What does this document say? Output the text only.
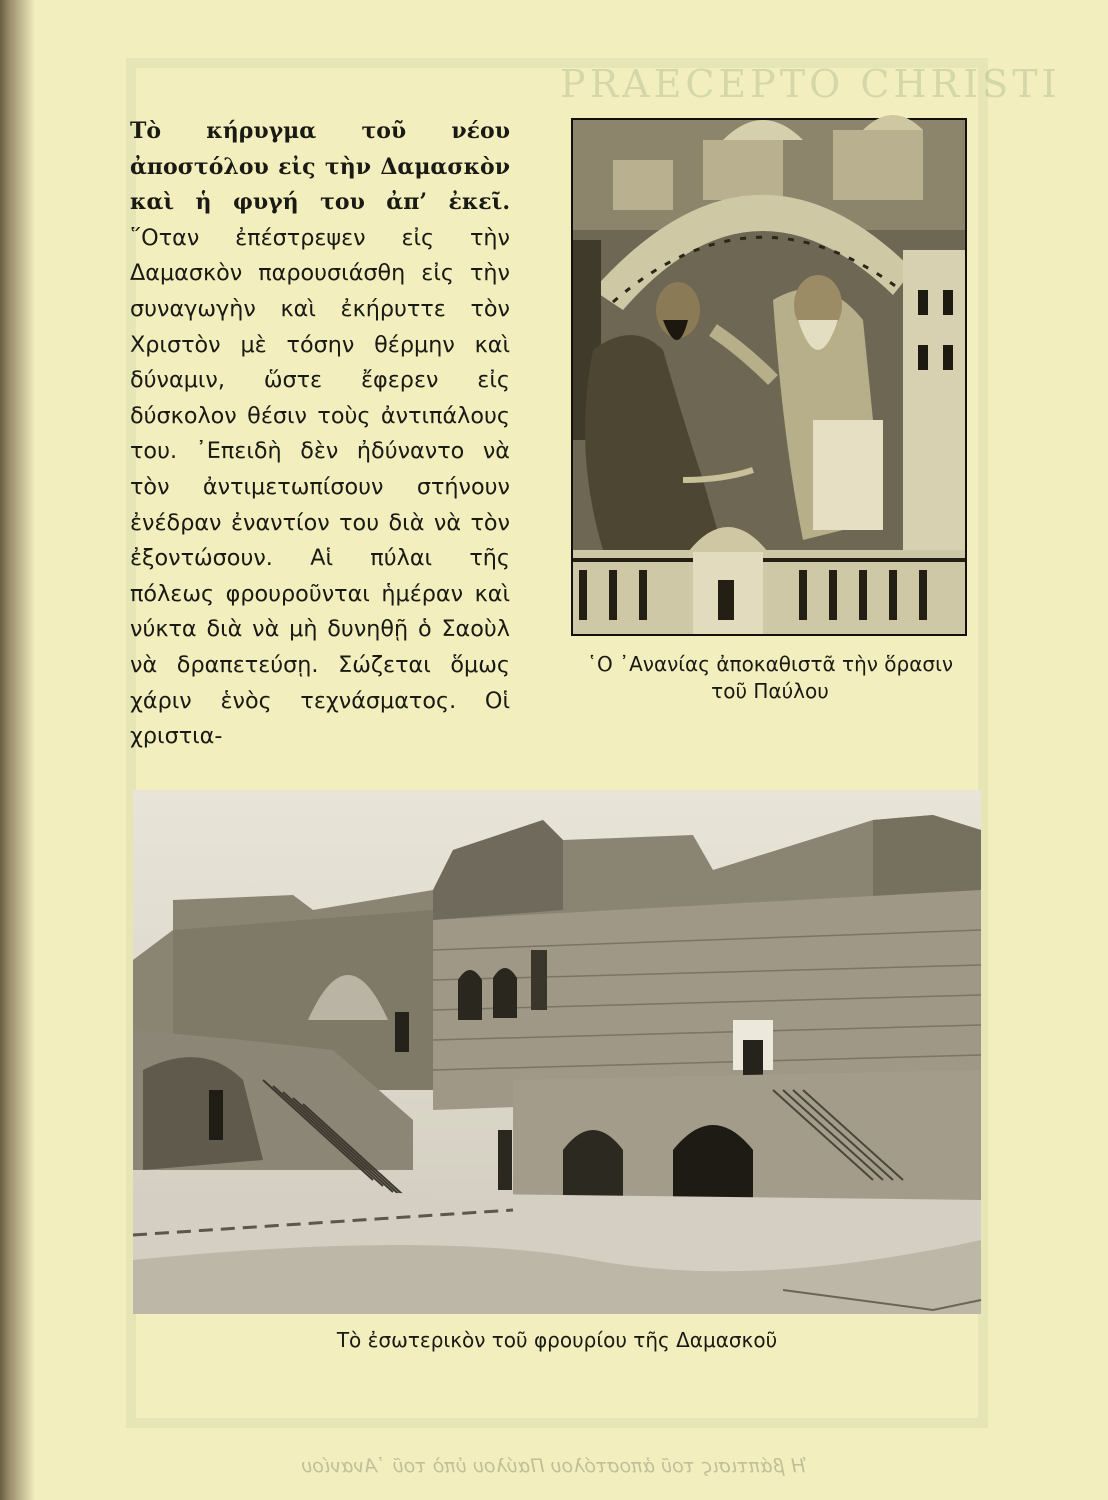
PRAECEPTO CHRISTI
Ἡ βάπτισις τοῦ ἀποστόλου Παύλου ὑπὸ τοῦ ᾿Ανανίου
Τὸ κήρυγμα τοῦ νέου ἀποστόλου εἰς τὴν Δαμασκὸν καὶ ἡ φυγή του ἀπ’ ἐκεῖ. ῞Οταν ἐπέστρεψεν εἰς τὴν Δαμασκὸν παρουσιάσθη εἰς τὴν συναγωγὴν καὶ ἐκήρυττε τὸν Χριστὸν μὲ τόσην θέρμην καὶ δύναμιν, ὥστε ἔφερεν εἰς δύσκολον θέσιν τοὺς ἀντιπάλους του. ᾿Επειδὴ δὲν ἠδύναντο νὰ τὸν ἀντιμετωπίσουν στήνουν ἐνέδραν ἐναντίον του διὰ νὰ τὸν ἐξοντώσουν. Αἱ πύλαι τῆς πόλεως φρουροῦνται ἡμέραν καὶ νύκτα διὰ νὰ μὴ δυνηθῇ ὁ Σαοὺλ νὰ δραπετεύσῃ. Σώζεται ὅμως χάριν ἑνὸς τεχνάσματος. Οἱ χριστια-
῾Ο ᾿Ανανίας ἀποκαθιστᾶ τὴν ὅρασιν
τοῦ Παύλου
Τὸ ἐσωτερικὸν τοῦ φρουρίου τῆς Δαμασκοῦ
